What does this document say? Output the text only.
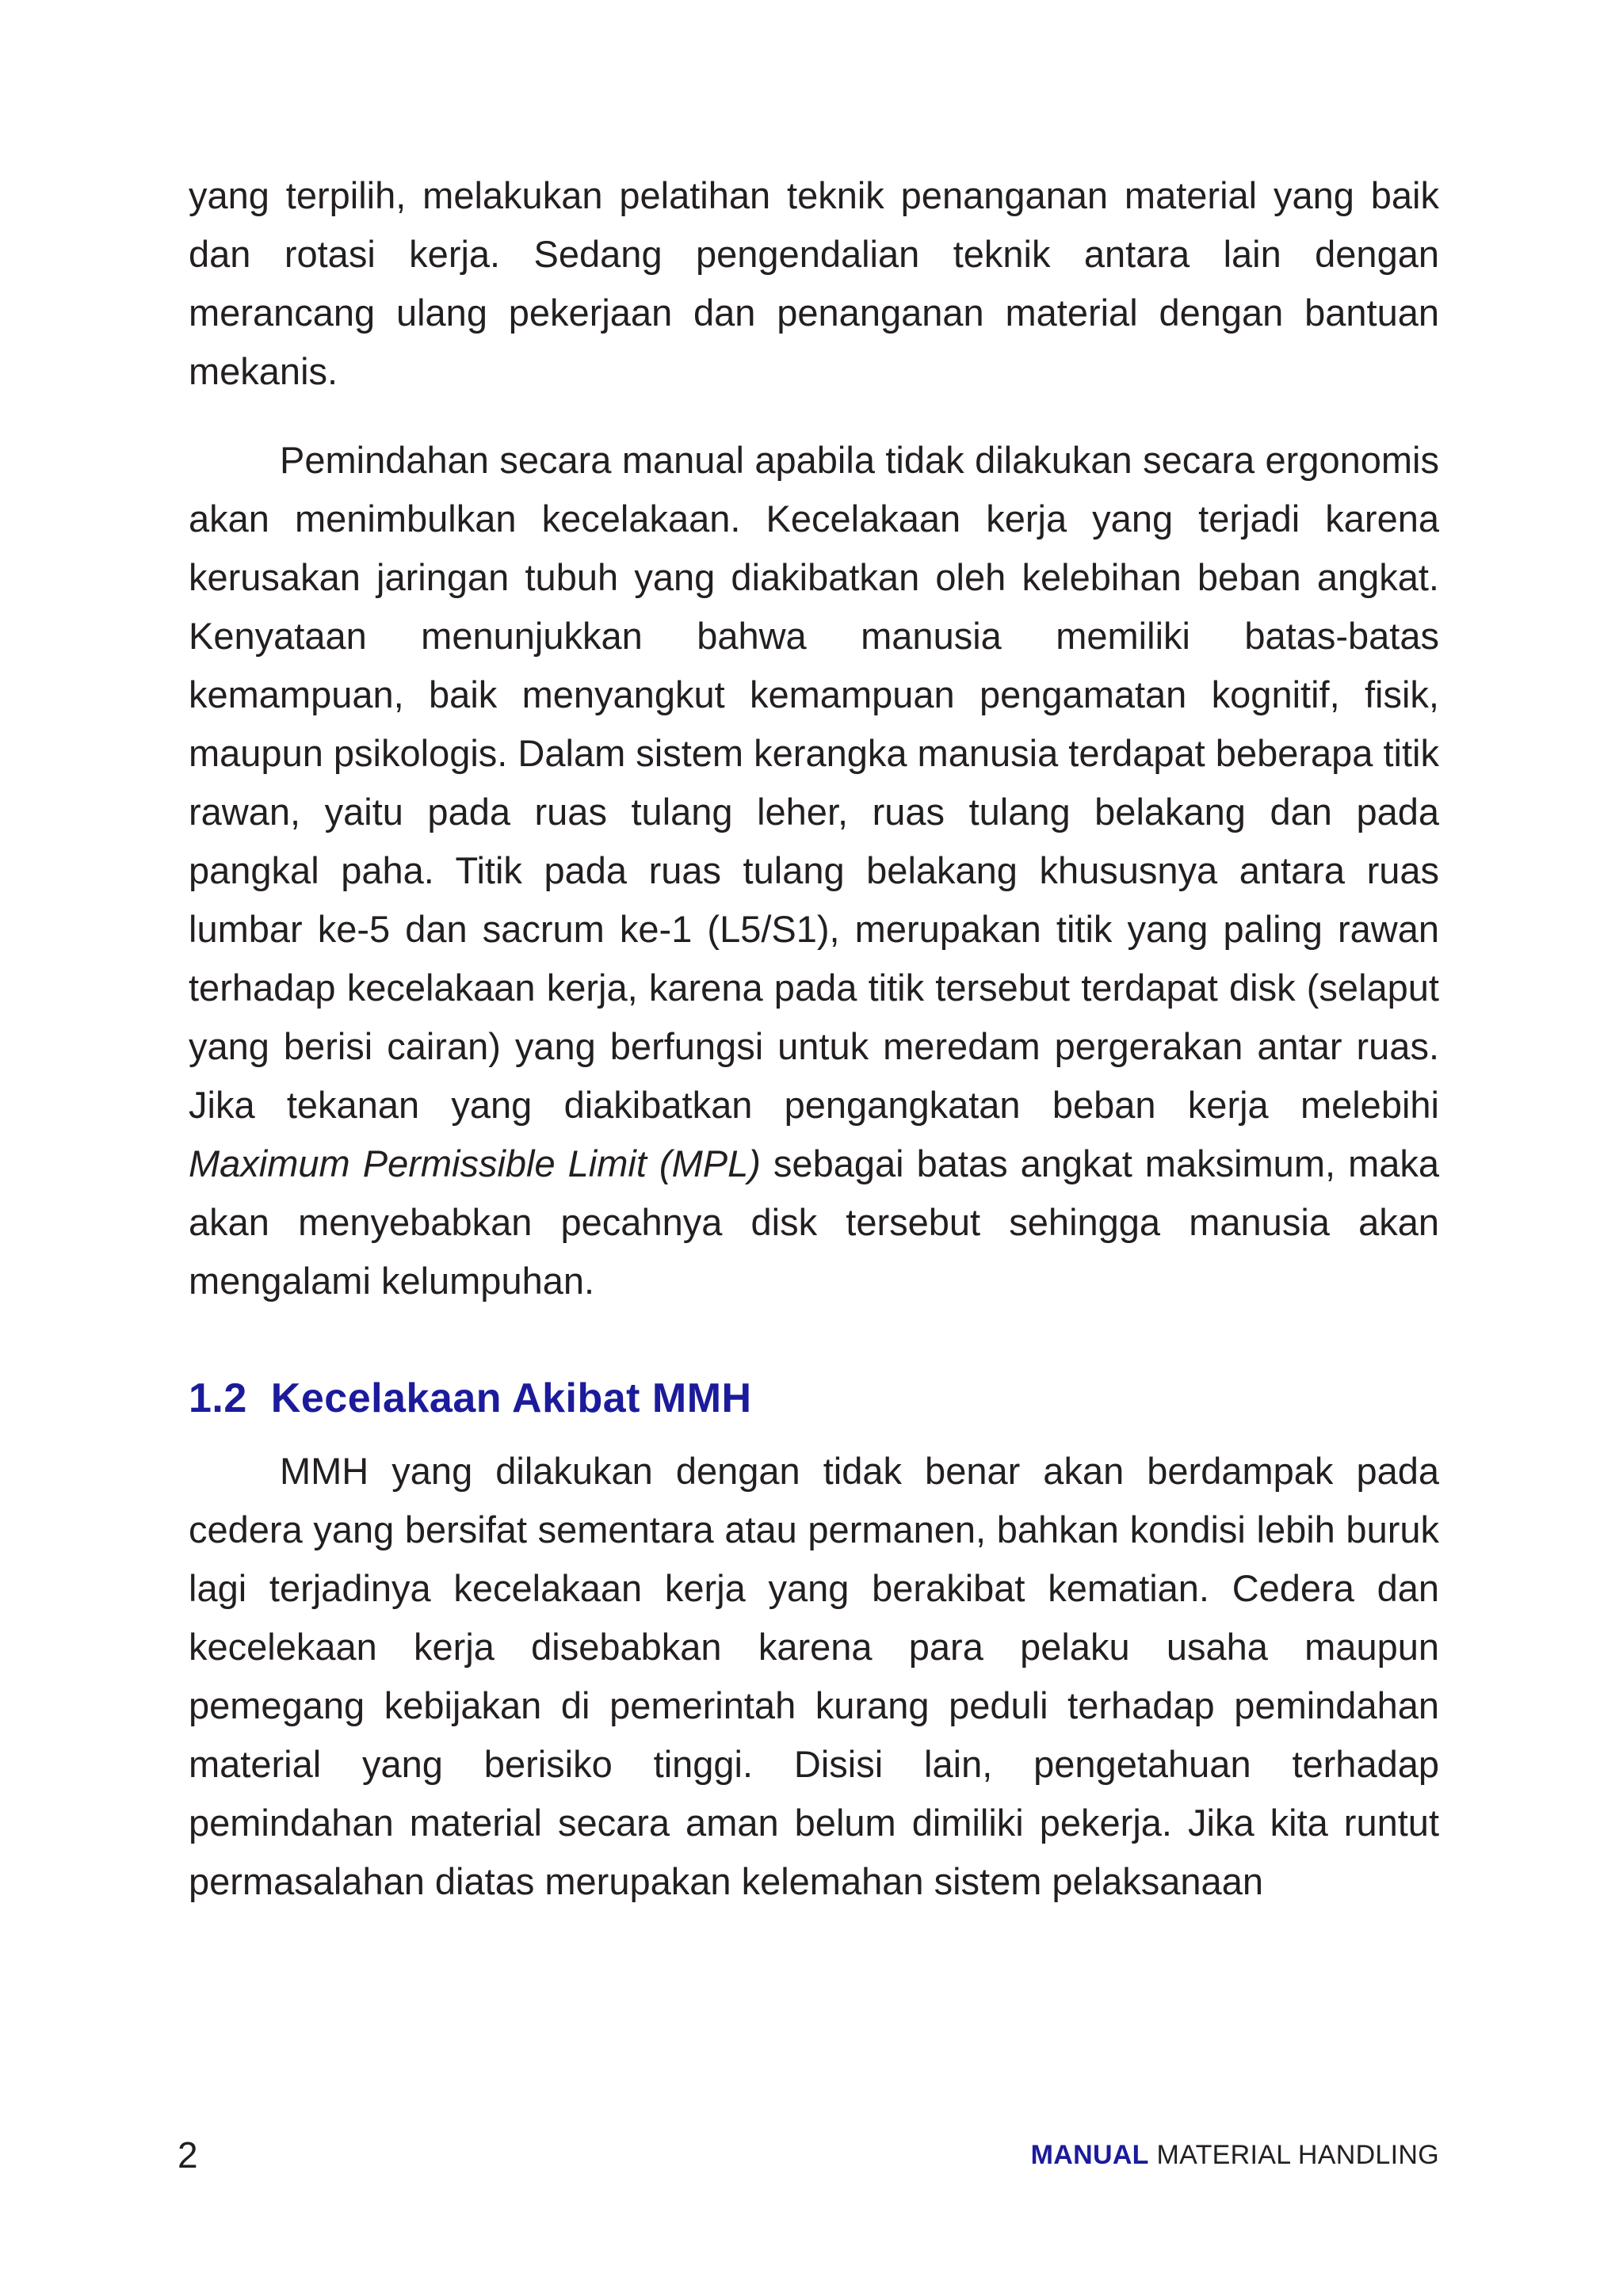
yang terpilih, melakukan pelatihan teknik penanganan material yang baik dan rotasi kerja. Sedang pengendalian teknik antara lain dengan merancang ulang pekerjaan dan penanganan material dengan bantuan mekanis.

Pemindahan secara manual apabila tidak dilakukan secara ergonomis akan menimbulkan kecelakaan. Kecelakaan kerja yang terjadi karena kerusakan jaringan tubuh yang diakibatkan oleh kelebihan beban angkat. Kenyataan menunjukkan bahwa manusia memiliki batas-batas kemampuan, baik menyangkut kemampuan pengamatan kognitif, fisik, maupun psikologis. Dalam sistem kerangka manusia terdapat beberapa titik rawan, yaitu pada ruas tulang leher, ruas tulang belakang dan pada pangkal paha. Titik pada ruas tulang belakang khususnya antara ruas lumbar ke-5 dan sacrum ke-1 (L5/S1), merupakan titik yang paling rawan terhadap kecelakaan kerja, karena pada titik tersebut terdapat disk (selaput yang berisi cairan) yang berfungsi untuk meredam pergerakan antar ruas. Jika tekanan yang diakibatkan pengangkatan beban kerja melebihi Maximum Permissible Limit (MPL) sebagai batas angkat maksimum, maka akan menyebabkan pecahnya disk tersebut sehingga manusia akan mengalami kelumpuhan.

1.2 Kecelakaan Akibat MMH

MMH yang dilakukan dengan tidak benar akan berdampak pada cedera yang bersifat sementara atau permanen, bahkan kondisi lebih buruk lagi terjadinya kecelakaan kerja yang berakibat kematian. Cedera dan kecelekaan kerja disebabkan karena para pelaku usaha maupun pemegang kebijakan di pemerintah kurang peduli terhadap pemindahan material yang berisiko tinggi. Disisi lain, pengetahuan terhadap pemindahan material secara aman belum dimiliki pekerja. Jika kita runtut permasalahan diatas merupakan kelemahan sistem pelaksanaan

2	MANUAL MATERIAL HANDLING
